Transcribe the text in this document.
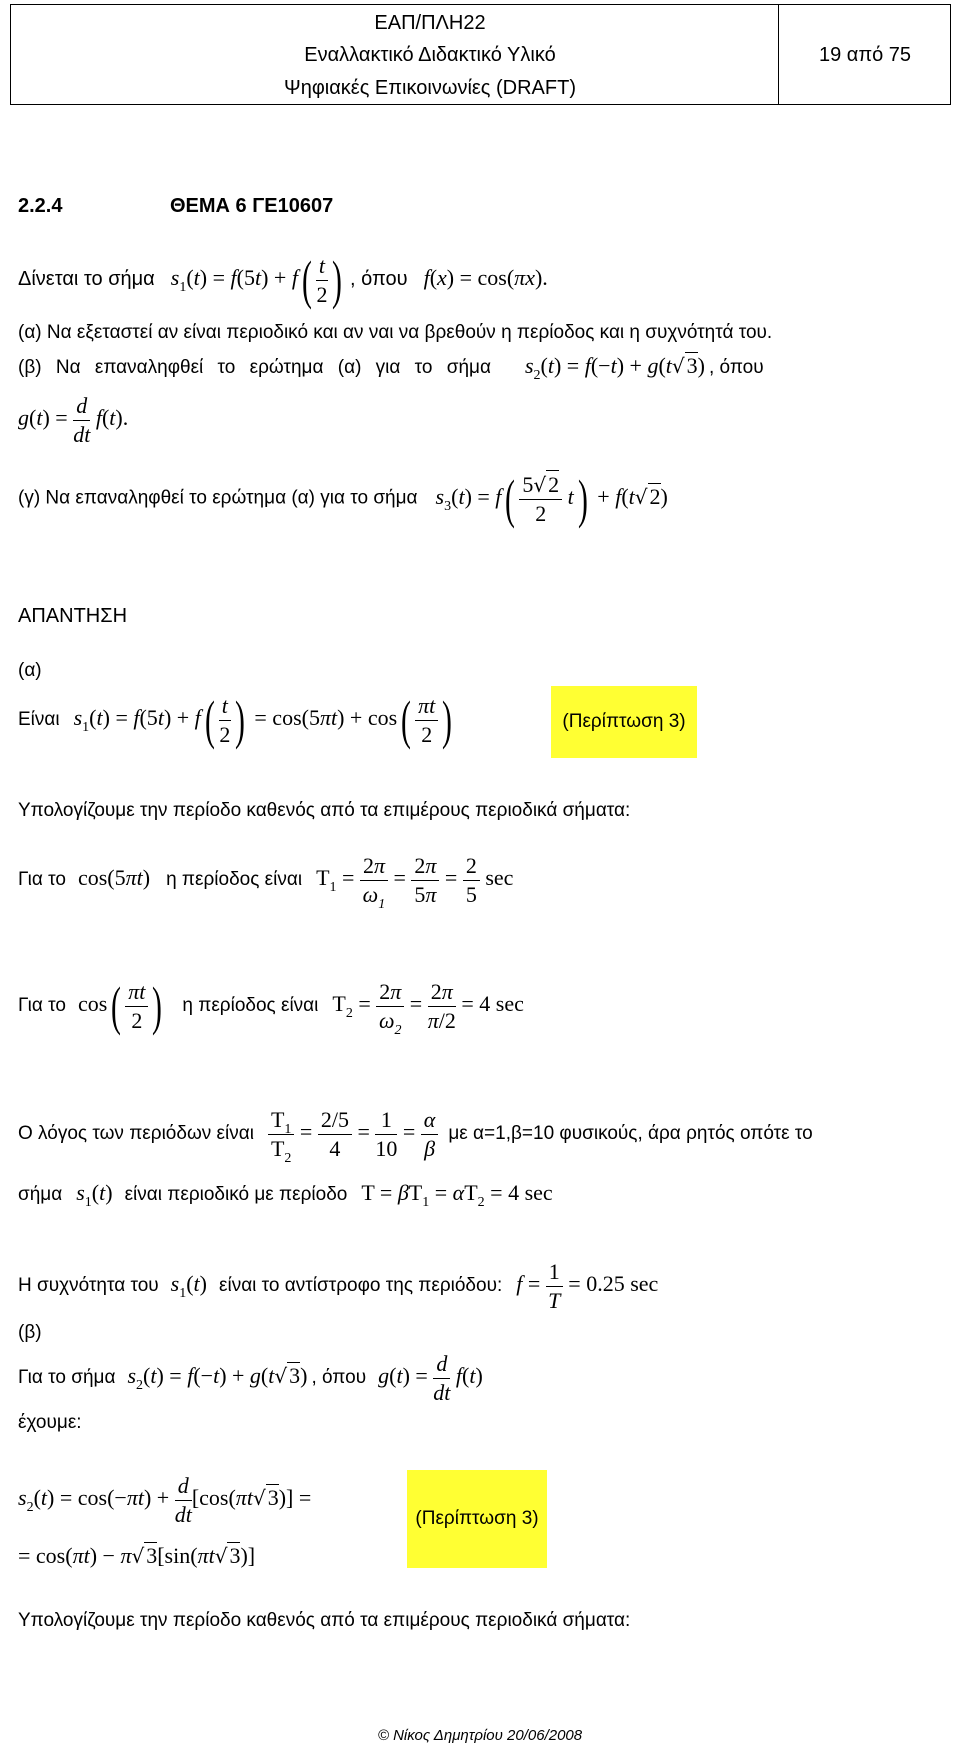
ΕΑΠ/ΠΛΗ22
Εναλλακτικό Διδακτικό Υλικό
Ψηφιακές Επικοινωνίες (DRAFT)
19 από 75
2.2.4	ΘΕΜΑ 6 ΓΕ10607
Δίνεται το σήμα $s_1(t) = f(5t) + f( \frac{t}{2}$ ) , όπου f(x) = cos(πx).
(α) Να εξεταστεί αν είναι περιοδικό και αν ναι να βρεθούν η περίοδος και η συχνότητά του.
(β) Να επαναληφθεί το ερώτημα (α) για το σήμα $s_2(t) = f(-t) + g(t√3)$ , όπου
$g(t) = \frac{d}{dt} f(t)$.
(γ) Να επαναληφθεί το ερώτημα (α) για το σήμα $s_3(t) = f( \frac{5√2}{2} t) + f(t√2)$
ΑΠΑΝΤΗΣΗ
(α)
Είναι $s_1(t) = f(5t) + f( \frac{t}{2}$ ) = $\cos(5\pi t) + \cos( \frac{\pi t}{2}$ )	(Περίπτωση 3)
Υπολογίζουμε την περίοδο καθενός από τα επιμέρους περιοδικά σήματα:
Για το cos(5πt) η περίοδος είναι $T_1 = \frac{2\pi}{\omega_1} = \frac{2\pi}{5\pi} = \frac{2}{5}$ sec
Για το $\cos( \frac{\pi t}{2}$ ) η περίοδος είναι $T_2 = \frac{2\pi}{\omega_2} = \frac{2\pi}{\pi/2} = 4$ sec
Ο λόγος των περιόδων είναι $\frac{T_1}{T_2} = \frac{2/5}{4} = \frac{1}{10} = \frac{\alpha}{\beta}$ με α=1,β=10 φυσικούς, άρα ρητός οπότε το
σήμα $s_1(t)$ είναι περιοδικό με περίοδο $T = \beta T_1 = \alpha T_2 = 4$ sec
Η συχνότητα του $s_1(t)$ είναι το αντίστροφο της περιόδου: $f = \frac{1}{T} = 0.25$ sec
(β)
Για το σήμα $s_2(t) = f(-t) + g(t√3)$ , όπου $g(t) = \frac{d}{dt} f(t)$
έχουμε:
$s_2(t) = \cos(-\pi t) + \frac{d}{dt} [\cos(\pi t√3)]$ =
= cos(πt) − π√3[sin(πt√3)]
(Περίπτωση 3)
Υπολογίζουμε την περίοδο καθενός από τα επιμέρους περιοδικά σήματα:
© Νίκος Δημητρίου 20/06/2008
